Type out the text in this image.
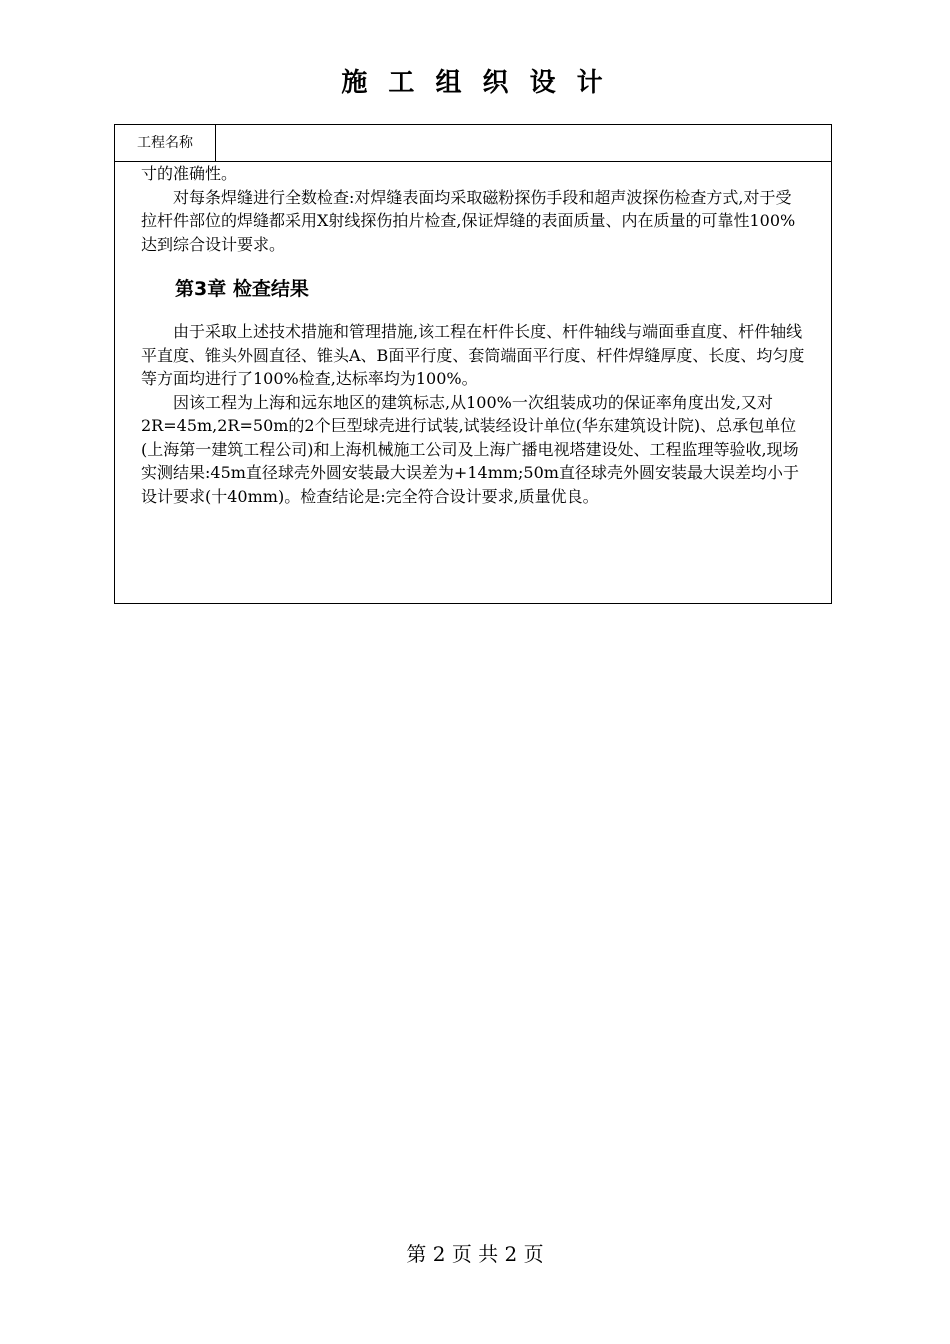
施 工 组 织 设 计
工程名称

寸的准确性。

对每条焊缝进行全数检查:对焊缝表面均采取磁粉探伤手段和超声波探伤检查方式,对于受拉杆件部位的焊缝都采用X射线探伤拍片检查,保证焊缝的表面质量、内在质量的可靠性100%达到综合设计要求。

第3章 检查结果

由于采取上述技术措施和管理措施,该工程在杆件长度、杆件轴线与端面垂直度、杆件轴线平直度、锥头外圆直径、锥头A、B面平行度、套筒端面平行度、杆件焊缝厚度、长度、均匀度等方面均进行了100%检查,达标率均为100%。

因该工程为上海和远东地区的建筑标志,从100%一次组装成功的保证率角度出发,又对2R=45m,2R=50m的2个巨型球壳进行试装,试装经设计单位(华东建筑设计院)、总承包单位(上海第一建筑工程公司)和上海机械施工公司及上海广播电视塔建设处、工程监理等验收,现场实测结果:45m直径球壳外圆安装最大误差为+14mm;50m直径球壳外圆安装最大误差均小于设计要求(十40mm)。检查结论是:完全符合设计要求,质量优良。

第 2 页 共 2 页
